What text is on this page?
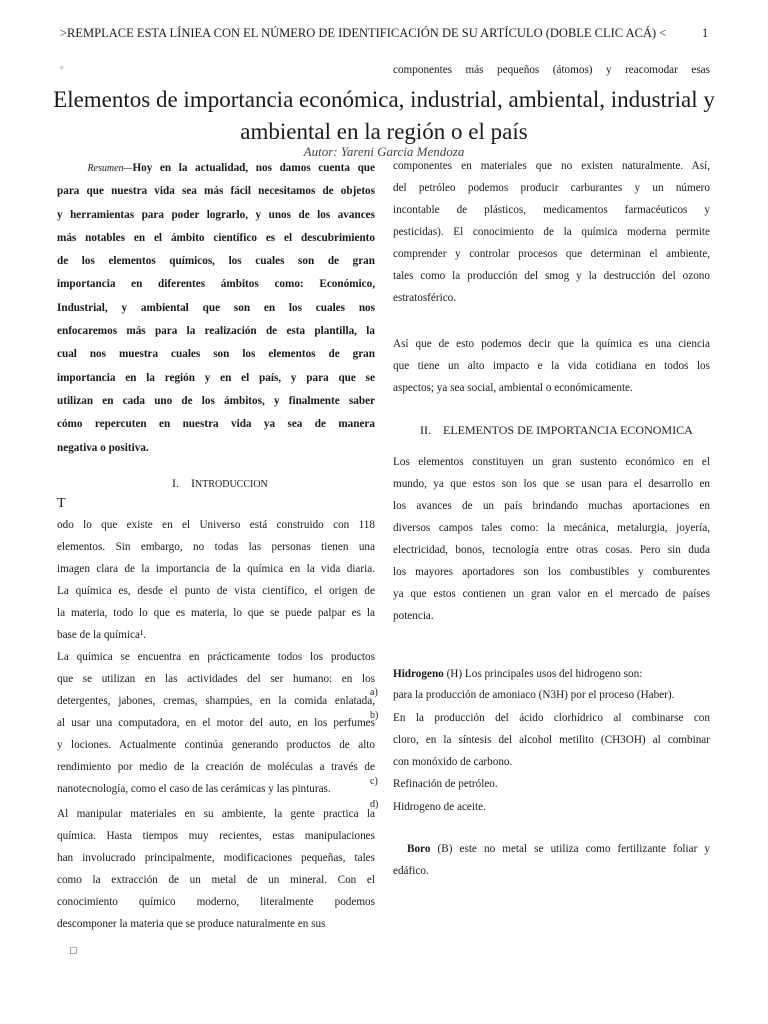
>REMPLACE ESTA LÍNIEA CON EL NÚMERO DE IDENTIFICACIÓN DE SU ARTÍCULO (DOBLE CLIC ACÁ) <	1
▫	componentes más pequeños (átomos) y reacomodar esas
Elementos de importancia económica, industrial, ambiental, industrial y ambiental en la región o el país
Autor: Yareni Garcia Mendoza
Resumen—Hoy en la actualidad, nos damos cuenta que
para que nuestra vida sea más fácil necesitamos de objetos
y herramientas para poder lograrlo, y unos de los avances
más notables en el ámbito científico es el descubrimiento
de los elementos químicos, los cuales son de gran
importancia en diferentes ámbitos como: Económico,
Industrial, y ambiental que son en los cuales nos
enfocaremos más para la realización de esta plantilla, la
cual nos muestra cuales son los elementos de gran
importancia en la región y en el país, y para que se
utilizan en cada uno de los ámbitos, y finalmente saber
cómo repercuten en nuestra vida ya sea de manera
negativa o positiva.
I. INTRODUCCION
T
odo lo que existe en el Universo está construido con 118
elementos. Sin embargo, no todas las personas tienen una
imagen clara de la importancia de la química en la vida diaria.
La química es, desde el punto de vista científico, el origen de
la materia, todo lo que es materia, lo que se puede palpar es la
base de la química¹.
La química se encuentra en prácticamente todos los productos
que se utilizan en las actividades del ser humano: en los
detergentes, jabones, cremas, shampúes, en la comida enlatada,
al usar una computadora, en el motor del auto, en los perfumes
y lociones. Actualmente continúa generando productos de alto
rendimiento por medio de la creación de moléculas a través de
nanotecnología, como el caso de las cerámicas y las pinturas.
Al manipular materiales en su ambiente, la gente practica la
química. Hasta tiempos muy recientes, estas manipulaciones
han involucrado principalmente, modificaciones pequeñas, tales
como la extracción de un metal de un mineral. Con el
conocimiento químico moderno, literalmente podemos
descomponer la materia que se produce naturalmente en sus
□
componentes en materiales que no existen naturalmente. Así,
del petróleo podemos producir carburantes y un número
incontable de plásticos, medicamentos farmacéuticos y
pesticidas). El conocimiento de la química moderna permite
comprender y controlar procesos que determinan el ambiente,
tales como la producción del smog y la destrucción del ozono
estratosférico.
Así que de esto podemos decir que la química es una ciencia
que tiene un alto impacto e la vida cotidiana en todos los
aspectos; ya sea social, ambiental o económicamente.
II.    ELEMENTOS DE IMPORTANCIA ECONOMICA
Los elementos constituyen un gran sustento económico en el
mundo, ya que estos son los que se usan para el desarrollo en
los avances de un país brindando muchas aportaciones en
diversos campos tales como: la mecánica, metalurgia, joyería,
electricidad, bonos, tecnología entre otras cosas. Pero sin duda
los mayores aportadores son los combustibles y comburentes
ya que estos contienen un gran valor en el mercado de países
potencia.
Hidrogeno (H) Los principales usos del hidrogeno son:
para la producción de amoniaco (N3H) por el proceso (Haber).
a)
En la producción del ácido clorhídrico al combinarse con
b)
cloro, en la síntesis del alcohol metilito (CH3OH) al combinar
con monóxido de carbono.
Refinación de petróleo.
c)
Hidrogeno de aceite.
d)
Boro (B) este no metal se utiliza como fertilizante foliar y
edáfico.
